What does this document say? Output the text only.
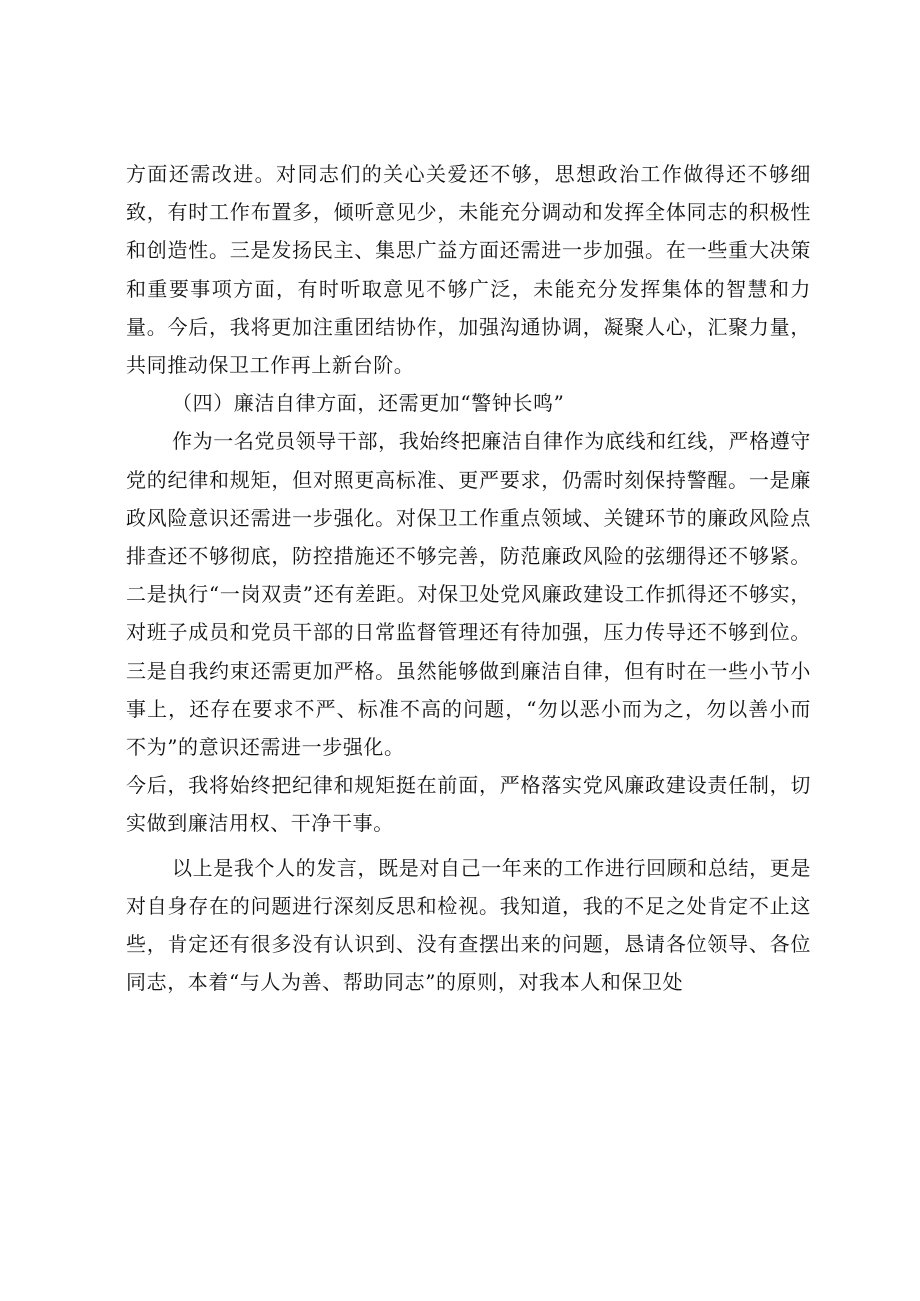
方面还需改进。对同志们的关心关爱还不够，思想政治工作做得还不够细致，有时工作布置多，倾听意见少，未能充分调动和发挥全体同志的积极性和创造性。三是发扬民主、集思广益方面还需进一步加强。在一些重大决策和重要事项方面，有时听取意见不够广泛，未能充分发挥集体的智慧和力量。今后，我将更加注重团结协作，加强沟通协调，凝聚人心，汇聚力量，共同推动保卫工作再上新台阶。

（四）廉洁自律方面，还需更加“警钟长鸣”

作为一名党员领导干部，我始终把廉洁自律作为底线和红线，严格遵守党的纪律和规矩，但对照更高标准、更严要求，仍需时刻保持警醒。一是廉政风险意识还需进一步强化。对保卫工作重点领域、关键环节的廉政风险点排查还不够彻底，防控措施还不够完善，防范廉政风险的弦绷得还不够紧。二是执行“一岗双责”还有差距。对保卫处党风廉政建设工作抓得还不够实，对班子成员和党员干部的日常监督管理还有待加强，压力传导还不够到位。三是自我约束还需更加严格。虽然能够做到廉洁自律，但有时在一些小节小事上，还存在要求不严、标准不高的问题，“勿以恶小而为之，勿以善小而不为”的意识还需进一步强化。

今后，我将始终把纪律和规矩挺在前面，严格落实党风廉政建设责任制，切实做到廉洁用权、干净干事。

以上是我个人的发言，既是对自己一年来的工作进行回顾和总结，更是对自身存在的问题进行深刻反思和检视。我知道，我的不足之处肯定不止这些，肯定还有很多没有认识到、没有查摆出来的问题，恳请各位领导、各位同志，本着“与人为善、帮助同志”的原则，对我本人和保卫处
